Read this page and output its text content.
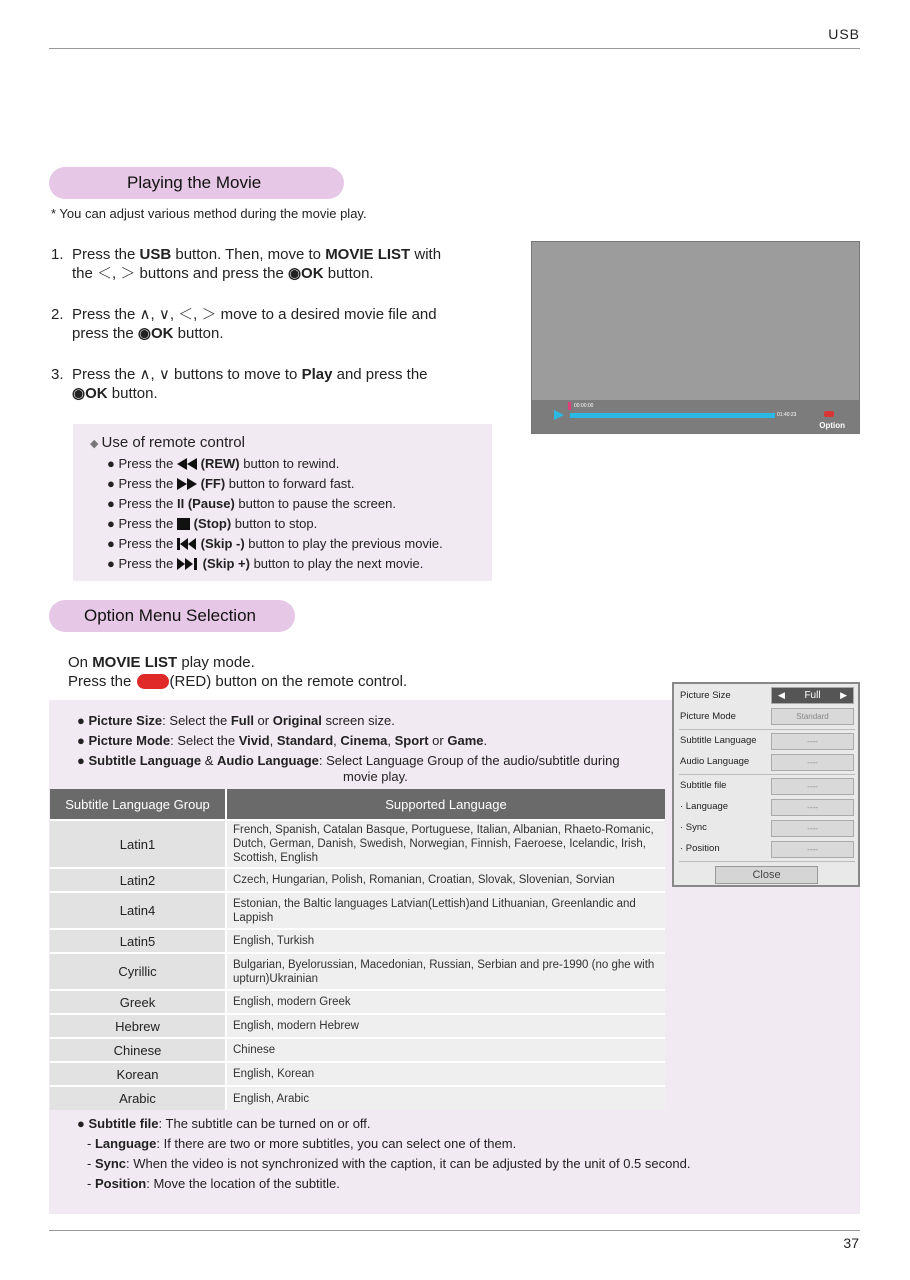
USB
Playing the Movie
* You can adjust various method during the movie play.
1. Press the USB button. Then, move to MOVIE LIST with
the ＜, ＞ buttons and press the ◉OK button.
2. Press the ∧, ∨, ＜, ＞ move to a desired movie file and
press the ◉OK button.
3. Press the ∧, ∨ buttons to move to Play and press the
◉OK button.
◆ Use of remote control
● Press the  (REW) button to rewind.
● Press the  (FF) button to forward fast.
● Press the II (Pause) button to pause the screen.
● Press the  (Stop) button to stop.
● Press the  (Skip -) button to play the previous movie.
● Press the  (Skip +) button to play the next movie.
00:00:00
01:40:23
Option
Option Menu Selection
On MOVIE LIST play mode.
Press the (RED) button on the remote control.
● Picture Size: Select the Full or Original screen size.
● Picture Mode: Select the Vivid, Standard, Cinema, Sport or Game.
● Subtitle Language & Audio Language: Select Language Group of the audio/subtitle during
movie play.
Subtitle Language Group	Supported Language
Latin1	French, Spanish, Catalan Basque, Portuguese, Italian, Albanian, Rhaeto-Romanic, Dutch, German, Danish, Swedish, Norwegian, Finnish, Faeroese, Icelandic, Irish, Scottish, English
Latin2	Czech, Hungarian, Polish, Romanian, Croatian, Slovak, Slovenian, Sorvian
Latin4	Estonian, the Baltic languages Latvian(Lettish)and Lithuanian, Greenlandic and Lappish
Latin5	English, Turkish
Cyrillic	Bulgarian, Byelorussian, Macedonian, Russian, Serbian and pre-1990 (no ghe with upturn)Ukrainian
Greek	English, modern Greek
Hebrew	English, modern Hebrew
Chinese	Chinese
Korean	English, Korean
Arabic	English, Arabic
Picture Size	◀ Full ▶
Picture Mode	Standard
Subtitle Language	----
Audio Language	----
Subtitle file	----
· Language	----
· Sync	----
· Position	----
Close
● Subtitle file: The subtitle can be turned on or off.
- Language: If there are two or more subtitles, you can select one of them.
- Sync: When the video is not synchronized with the caption, it can be adjusted by the unit of 0.5 second.
- Position: Move the location of the subtitle.
37
